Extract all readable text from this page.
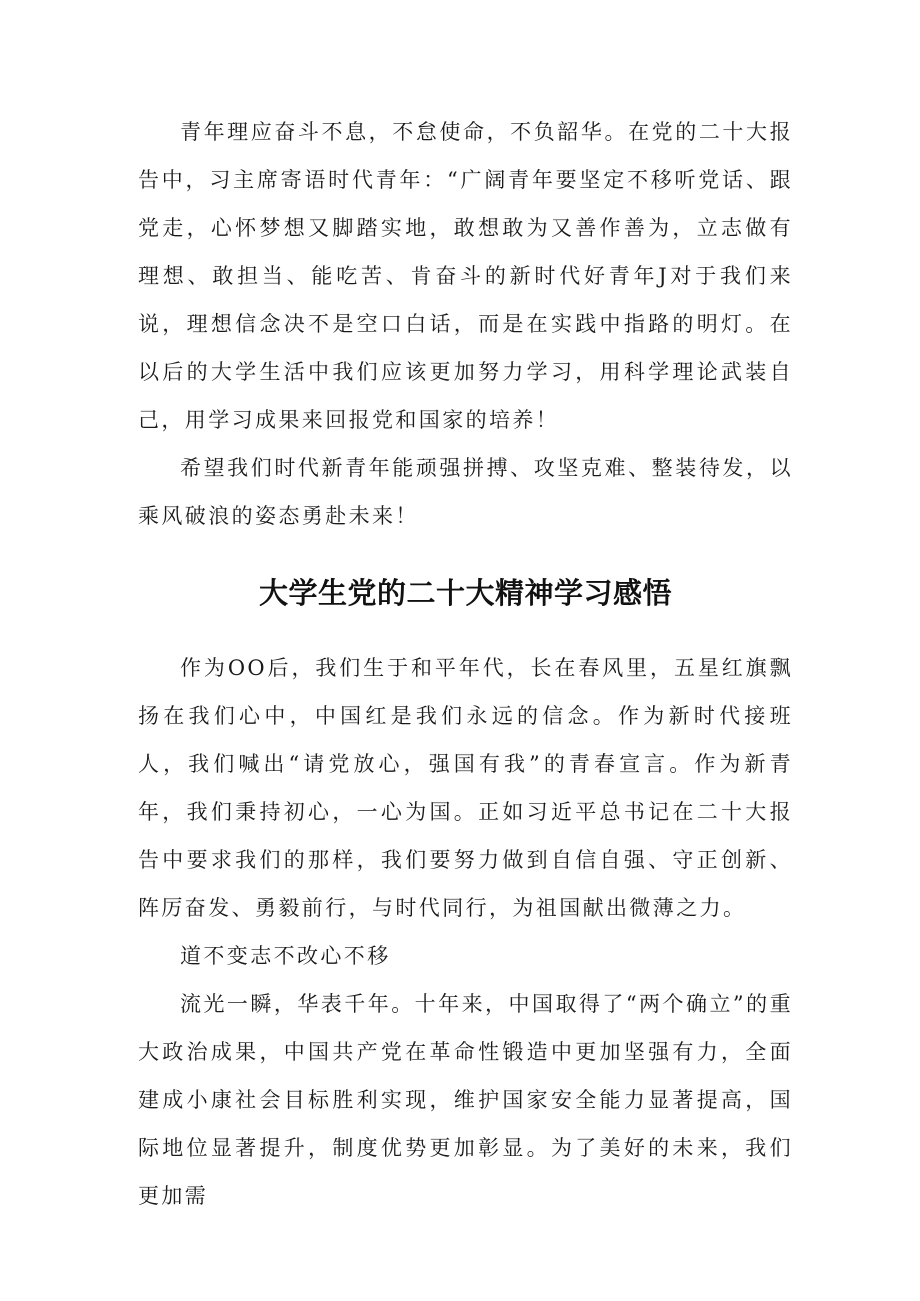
青年理应奋斗不息，不怠使命，不负韶华。在党的二十大报告中，习主席寄语时代青年：“广阔青年要坚定不移听党话、跟党走，心怀梦想又脚踏实地，敢想敢为又善作善为，立志做有理想、敢担当、能吃苦、肯奋斗的新时代好青年J对于我们来说，理想信念决不是空口白话，而是在实践中指路的明灯。在以后的大学生活中我们应该更加努力学习，用科学理论武装自己，用学习成果来回报党和国家的培养！

希望我们时代新青年能顽强拼搏、攻坚克难、整装待发，以乘风破浪的姿态勇赴未来！

大学生党的二十大精神学习感悟

作为OO后，我们生于和平年代，长在春风里，五星红旗飘扬在我们心中，中国红是我们永远的信念。作为新时代接班人，我们喊出“请党放心，强国有我”的青春宣言。作为新青年，我们秉持初心，一心为国。正如习近平总书记在二十大报告中要求我们的那样，我们要努力做到自信自强、守正创新、阵厉奋发、勇毅前行，与时代同行，为祖国献出微薄之力。

道不变志不改心不移

流光一瞬，华表千年。十年来，中国取得了“两个确立”的重大政治成果，中国共产党在革命性锻造中更加坚强有力，全面建成小康社会目标胜利实现，维护国家安全能力显著提高，国际地位显著提升，制度优势更加彰显。为了美好的未来，我们更加需
